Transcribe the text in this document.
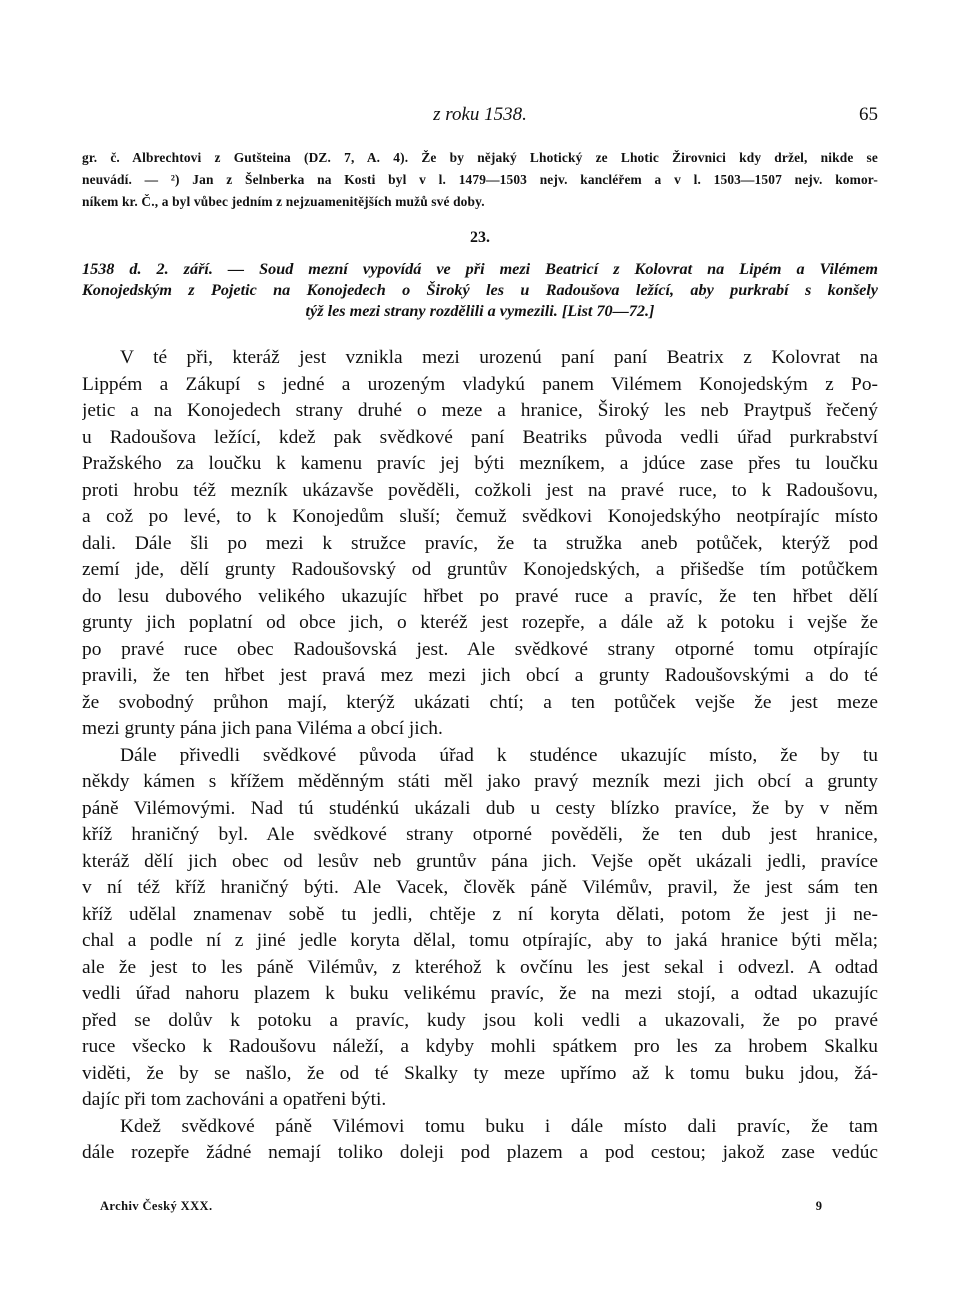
z roku 1538.	65
gr. č. Albrechtovi z Gutšteina (DZ. 7, A. 4). Že by nějaký Lhotický ze Lhotic Žirovnici kdy držel, nikde se
neuvádí. — ²) Jan z Šelnberka na Kosti byl v l. 1479—1503 nejv. kancléřem a v l. 1503—1507 nejv. komor-
níkem kr. Č., a byl vůbec jedním z nejzuamenitějších mužů své doby.
23.
1538 d. 2. září. — Soud mezní vypovídá ve při mezi Beatricí z Kolovrat na Lipém a Vilémem
Konojedským z Pojetic na Konojedech o Široký les u Radoušova ležící, aby purkrabí s konšely
týž les mezi strany rozdělili a vymezili. [List 70—72.]
V té při, kteráž jest vznikla mezi urozenú paní paní Beatrix z Kolovrat na
Lippém a Zákupí s jedné a urozeným vladykú panem Vilémem Konojedským z Po-
jetic a na Konojedech strany druhé o meze a hranice, Široký les neb Praytpuš řečený
u Radoušova ležící, kdež pak svědkové paní Beatriks původa vedli úřad purkrabství
Pražského za loučku k kamenu pravíc jej býti mezníkem, a jdúce zase přes tu loučku
proti hrobu též mezník ukázavše pověděli, cožkoli jest na pravé ruce, to k Radoušovu,
a což po levé, to k Konojedům sluší; čemuž svědkovi Konojedskýho neotpírajíc místo
dali. Dále šli po mezi k stružce pravíc, že ta stružka aneb potůček, kterýž pod
zemí jde, dělí grunty Radoušovský od gruntův Konojedských, a přišedše tím potůčkem
do lesu dubového velikého ukazujíc hřbet po pravé ruce a pravíc, že ten hřbet dělí
grunty jich poplatní od obce jich, o kteréž jest rozepře, a dále až k potoku i vejše že
po pravé ruce obec Radoušovská jest. Ale svědkové strany otporné tomu otpírajíc
pravili, že ten hřbet jest pravá mez mezi jich obcí a grunty Radoušovskými a do té
že svobodný průhon mají, kterýž ukázati chtí; a ten potůček vejše že jest meze
mezi grunty pána jich pana Viléma a obcí jich.
Dále přivedli svědkové původa úřad k studénce ukazujíc místo, že by tu
někdy kámen s křížem měděnným státi měl jako pravý mezník mezi jich obcí a grunty
páně Vilémovými. Nad tú studénkú ukázali dub u cesty blízko pravíce, že by v něm
kříž hraničný byl. Ale svědkové strany otporné pověděli, že ten dub jest hranice,
kteráž dělí jich obec od lesův neb gruntův pána jich. Vejše opět ukázali jedli, pravíce
v ní též kříž hraničný býti. Ale Vacek, člověk páně Vilémův, pravil, že jest sám ten
kříž udělal znamenav sobě tu jedli, chtěje z ní koryta dělati, potom že jest ji ne-
chal a podle ní z jiné jedle koryta dělal, tomu otpírajíc, aby to jaká hranice býti měla;
ale že jest to les páně Vilémův, z kteréhož k ovčínu les jest sekal i odvezl. A odtad
vedli úřad nahoru plazem k buku velikému pravíc, že na mezi stojí, a odtad ukazujíc
před se dolův k potoku a pravíc, kudy jsou koli vedli a ukazovali, že po pravé
ruce všecko k Radoušovu náleží, a kdyby mohli spátkem pro les za hrobem Skalku
viděti, že by se našlo, že od té Skalky ty meze upřímo až k tomu buku jdou, žá-
dajíc při tom zachováni a opatřeni býti.
Kdež svědkové páně Vilémovi tomu buku i dále místo dali pravíc, že tam
dále rozepře žádné nemají toliko doleji pod plazem a pod cestou; jakož zase vedúc
Archiv Český XXX.	9
